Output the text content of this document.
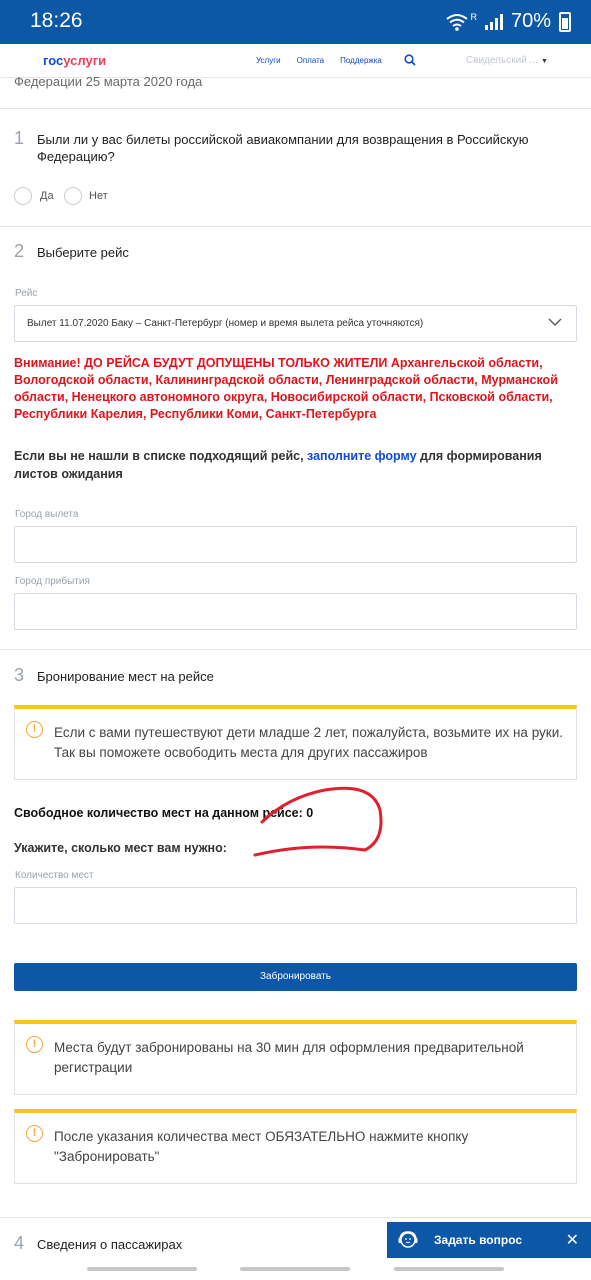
18:26	R 70%
госуслуги	Услуги Оплата Поддержка	Свидельский ... ▼
Федерации 25 марта 2020 года
1 Были ли у вас билеты российской авиакомпании для возвращения в Российскую Федерацию?
Да	Нет
2 Выберите рейс
Рейс
Вылет 11.07.2020 Баку – Санкт-Петербург (номер и время вылета рейса уточняются)
Внимание! ДО РЕЙСА БУДУТ ДОПУЩЕНЫ ТОЛЬКО ЖИТЕЛИ Архангельской области, Вологодской области, Калининградской области, Ленинградской области, Мурманской области, Ненецкого автономного округа, Новосибирской области, Псковской области, Республики Карелия, Республики Коми, Санкт-Петербурга
Если вы не нашли в списке подходящий рейс, заполните форму для формирования листов ожидания
Город вылета
Город прибытия
3 Бронирование мест на рейсе
!	Если с вами путешествуют дети младше 2 лет, пожалуйста, возьмите их на руки. Так вы поможете освободить места для других пассажиров
Свободное количество мест на данном рейсе: 0
Укажите, сколько мест вам нужно:
Количество мест
Забронировать
!	Места будут забронированы на 30 мин для оформления предварительной регистрации
!	После указания количества мест ОБЯЗАТЕЛЬНО нажмите кнопку "Забронировать"
4 Сведения о пассажирах	Задать вопрос	✕
